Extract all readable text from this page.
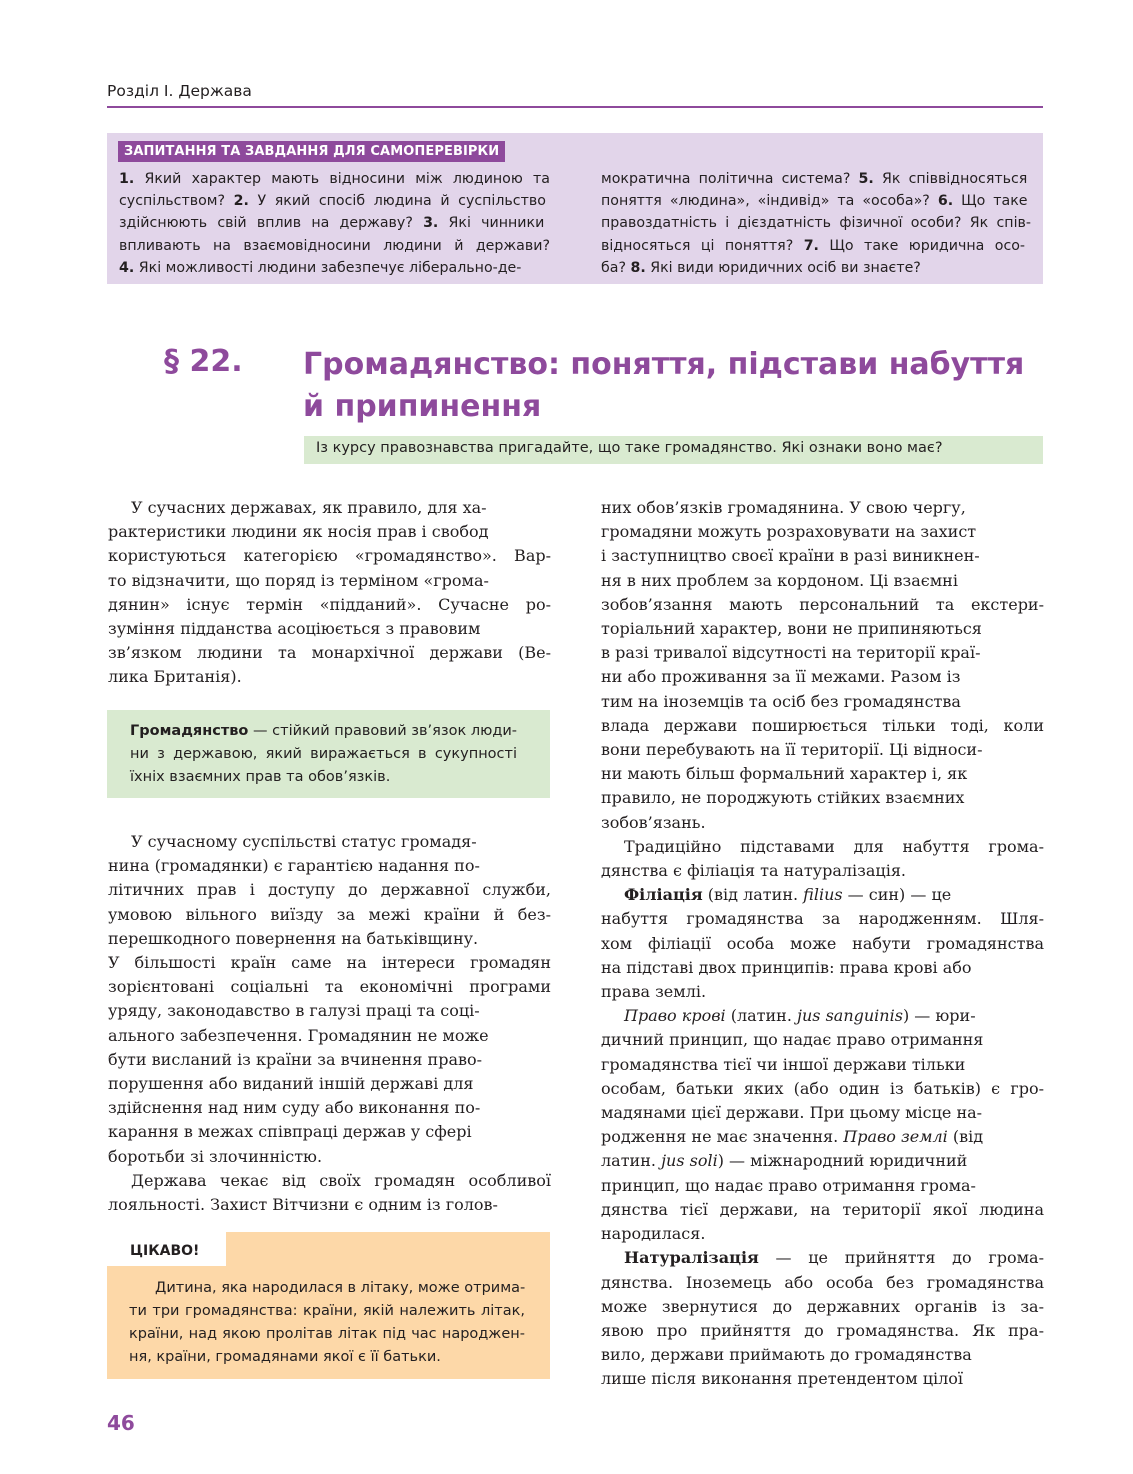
Розділ І. Держава
ЗАПИТАННЯ ТА ЗАВДАННЯ ДЛЯ САМОПЕРЕВІРКИ
1. Який характер мають відносини між людиною та
суспільством? 2. У який спосіб людина й суспільство
здійснюють свій вплив на державу? 3. Які чинники
впливають на взаємовідносини людини й держави?
4. Які можливості людини забезпечує ліберально-де-
мократична політична система? 5. Як співвідносяться
поняття «людина», «індивід» та «особа»? 6. Що таке
правоздатність і дієздатність фізичної особи? Як спів-
відносяться ці поняття? 7. Що таке юридична осо-
ба? 8. Які види юридичних осіб ви знаєте?
§ 22. Громадянство: поняття, підстави набуття
й припинення
Із курсу правознавства пригадайте, що таке громадянство. Які ознаки воно має?
У сучасних державах, як правило, для ха-
рактеристики людини як носія прав і свобод
користуються категорією «громадянство». Вар-
то відзначити, що поряд із терміном «грома-
дянин» існує термін «підданий». Сучасне ро-
зуміння підданства асоціюється з правовим
зв’язком людини та монархічної держави (Ве-
лика Британія).
Громадянство — стійкий правовий зв’язок люди-
ни з державою, який виражається в сукупності
їхніх взаємних прав та обов’язків.
У сучасному суспільстві статус громадя-
нина (громадянки) є гарантією надання по-
літичних прав і доступу до державної служби,
умовою вільного виїзду за межі країни й без-
перешкодного повернення на батьківщину.
У більшості країн саме на інтереси громадян
зорієнтовані соціальні та економічні програми
уряду, законодавство в галузі праці та соці-
ального забезпечення. Громадянин не може
бути висланий із країни за вчинення право-
порушення або виданий іншій державі для
здійснення над ним суду або виконання по-
карання в межах співпраці держав у сфері
боротьби зі злочинністю.
Держава чекає від своїх громадян особливої
лояльності. Захист Вітчизни є одним із голов-
ЦІКАВО!
Дитина, яка народилася в літаку, може отрима-
ти три громадянства: країни, якій належить літак,
країни, над якою пролітав літак під час народжен-
ня, країни, громадянами якої є її батьки.
них обов’язків громадянина. У свою чергу,
громадяни можуть розраховувати на захист
і заступництво своєї країни в разі виникнен-
ня в них проблем за кордоном. Ці взаємні
зобов’язання мають персональний та екстери-
торіальний характер, вони не припиняються
в разі тривалої відсутності на території краї-
ни або проживання за її межами. Разом із
тим на іноземців та осіб без громадянства
влада держави поширюється тільки тоді, коли
вони перебувають на її території. Ці відноси-
ни мають більш формальний характер і, як
правило, не породжують стійких взаємних
зобов’язань.
Традиційно підставами для набуття грома-
дянства є філіація та натуралізація.
Філіація (від латин. filius — син) — це
набуття громадянства за народженням. Шля-
хом філіації особа може набути громадянства
на підставі двох принципів: права крові або
права землі.
Право крові (латин. jus sanguinis) — юри-
дичний принцип, що надає право отримання
громадянства тієї чи іншої держави тільки
особам, батьки яких (або один із батьків) є гро-
мадянами цієї держави. При цьому місце на-
родження не має значення. Право землі (від
латин. jus soli) — міжнародний юридичний
принцип, що надає право отримання грома-
дянства тієї держави, на території якої людина
народилася.
Натуралізація — це прийняття до грома-
дянства. Іноземець або особа без громадянства
може звернутися до державних органів із за-
явою про прийняття до громадянства. Як пра-
вило, держави приймають до громадянства
лише після виконання претендентом цілої
46
